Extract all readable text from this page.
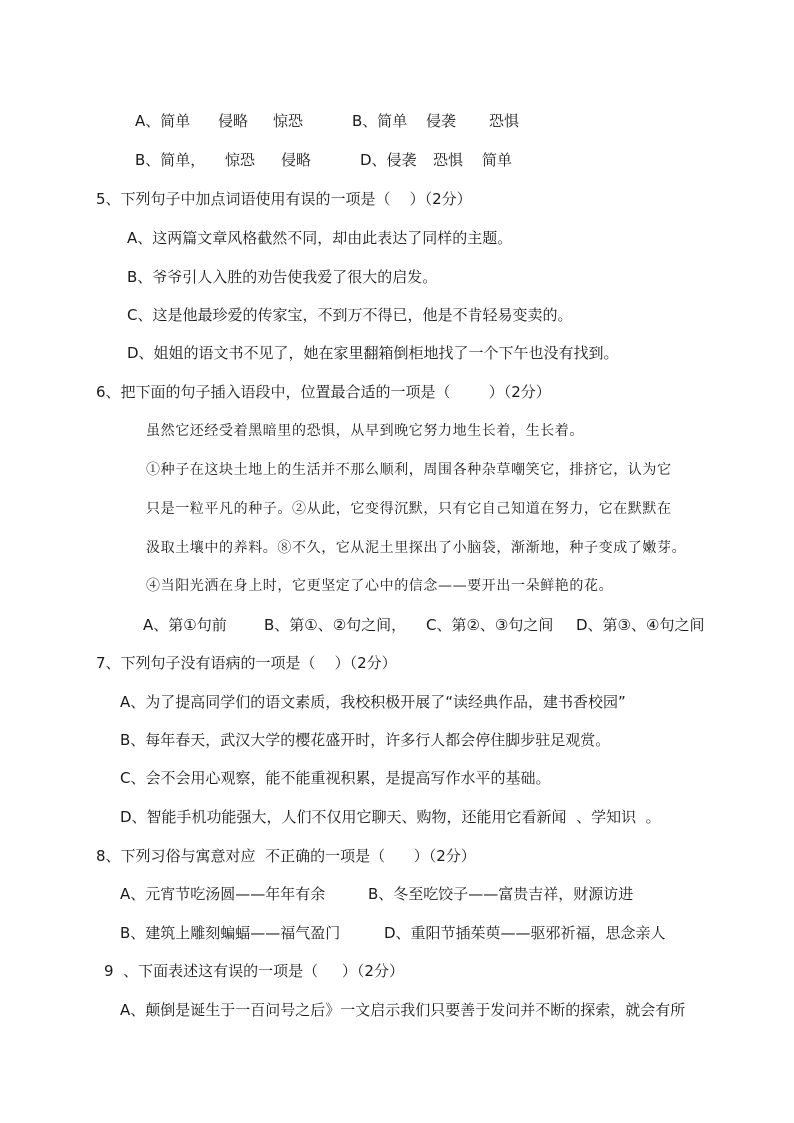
A、简单 侵略 惊恐	B、简单 侵袭 恐惧
B、简单， 惊恐 侵略	D、侵袭 恐惧 简单
5、下列句子中加点词语使用有误的一项是（    ）（2分）
A、这两篇文章风格截然不同，却由此表达了同样的主题。
B、爷爷引人入胜的劝告使我爱了很大的启发。
C、这是他最珍爱的传家宝，不到万不得已，他是不肯轻易变卖的。
D、姐姐的语文书不见了，她在家里翻箱倒柜地找了一个下午也没有找到。
6、把下面的句子插入语段中，位置最合适的一项是（        ）（2分）
虽然它还经受着黑暗里的恐惧，从早到晚它努力地生长着，生长着。
①种子在这块土地上的生活并不那么顺利，周围各种杂草嘲笑它，排挤它，认为它
只是一粒平凡的种子。②从此，它变得沉默，只有它自己知道在努力，它在默默在
汲取土壤中的养料。⑧不久，它从泥土里探出了小脑袋，渐渐地，种子变成了嫩芽。
④当阳光洒在身上时，它更坚定了心中的信念——要开出一朵鲜艳的花。
A、第①句前 B、第①、②句之间， C、第②、③句之间 D、第③、④句之间
7、下列句子没有语病的一项是（    ）（2分）
A、为了提高同学们的语文素质，我校积极开展了“读经典作品，建书香校园”
B、每年春天，武汉大学的樱花盛开时，许多行人都会停住脚步驻足观赏。
C、会不会用心观察，能不能重视积累，是提高写作水平的基础。
D、智能手机功能强大，人们不仅用它聊天、购物，还能用它看新闻  、学知识  。
8、下列习俗与寓意对应  不正确的一项是（      ）（2分）
A、元宵节吃汤圆——年年有余	B、冬至吃饺子——富贵吉祥，财源访进
B、建筑上雕刻蝙蝠——福气盈门	D、重阳节插茱萸——驱邪祈福，思念亲人
9  、下面表述这有误的一项是（     ）（2分）
A、颠倒是诞生于一百问号之后》一文启示我们只要善于发问并不断的探索，就会有所
